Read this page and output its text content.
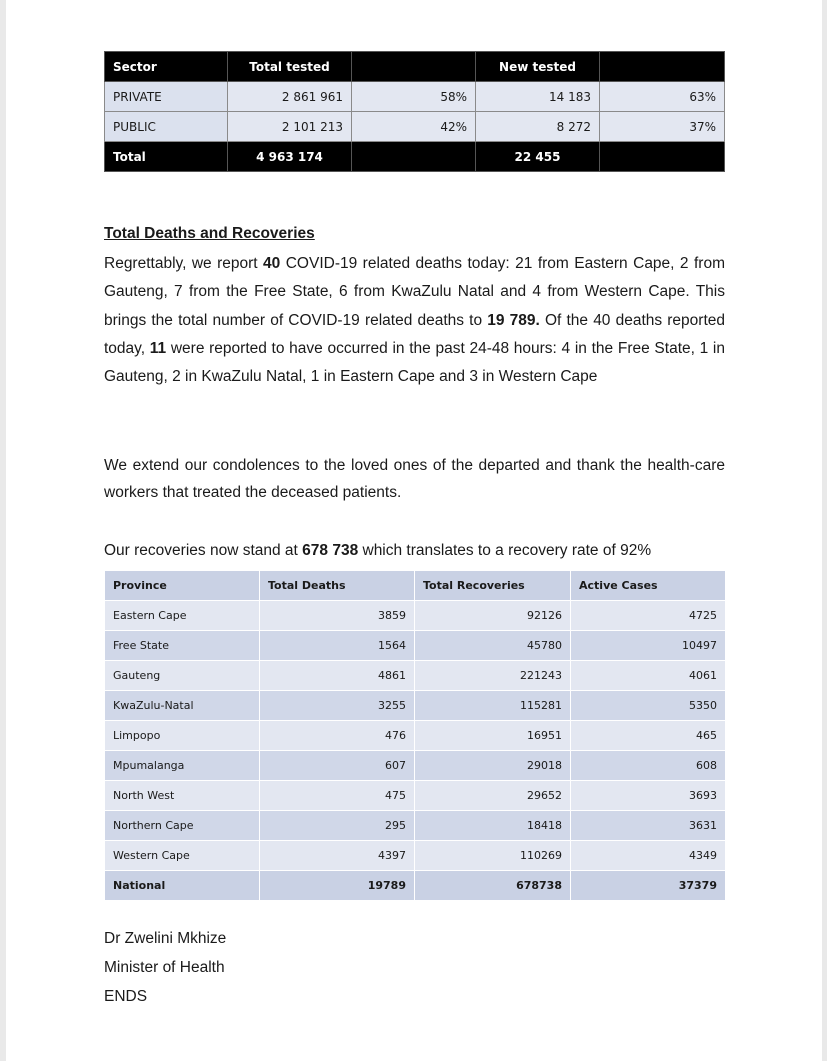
Sector	Total tested		New tested	
PRIVATE	2 861 961	58%	14 183	63%
PUBLIC	2 101 213	42%	8 272	37%
Total	4 963 174		22 455	
Total Deaths and Recoveries

Regrettably, we report 40 COVID-19 related deaths today: 21 from Eastern Cape, 2 from Gauteng, 7 from the Free State, 6 from KwaZulu Natal and 4 from Western Cape. This brings the total number of COVID-19 related deaths to 19 789. Of the 40 deaths reported today, 11 were reported to have occurred in the past 24-48 hours: 4 in the Free State, 1 in Gauteng, 2 in KwaZulu Natal, 1 in Eastern Cape and 3 in Western Cape

We extend our condolences to the loved ones of the departed and thank the health-care workers that treated the deceased patients.

Our recoveries now stand at 678 738 which translates to a recovery rate of 92%

Province	Total Deaths	Total Recoveries	Active Cases
Eastern Cape	3859	92126	4725
Free State	1564	45780	10497
Gauteng	4861	221243	4061
KwaZulu-Natal	3255	115281	5350
Limpopo	476	16951	465
Mpumalanga	607	29018	608
North West	475	29652	3693
Northern Cape	295	18418	3631
Western Cape	4397	110269	4349
National	19789	678738	37379
Dr Zwelini Mkhize
Minister of Health
ENDS
